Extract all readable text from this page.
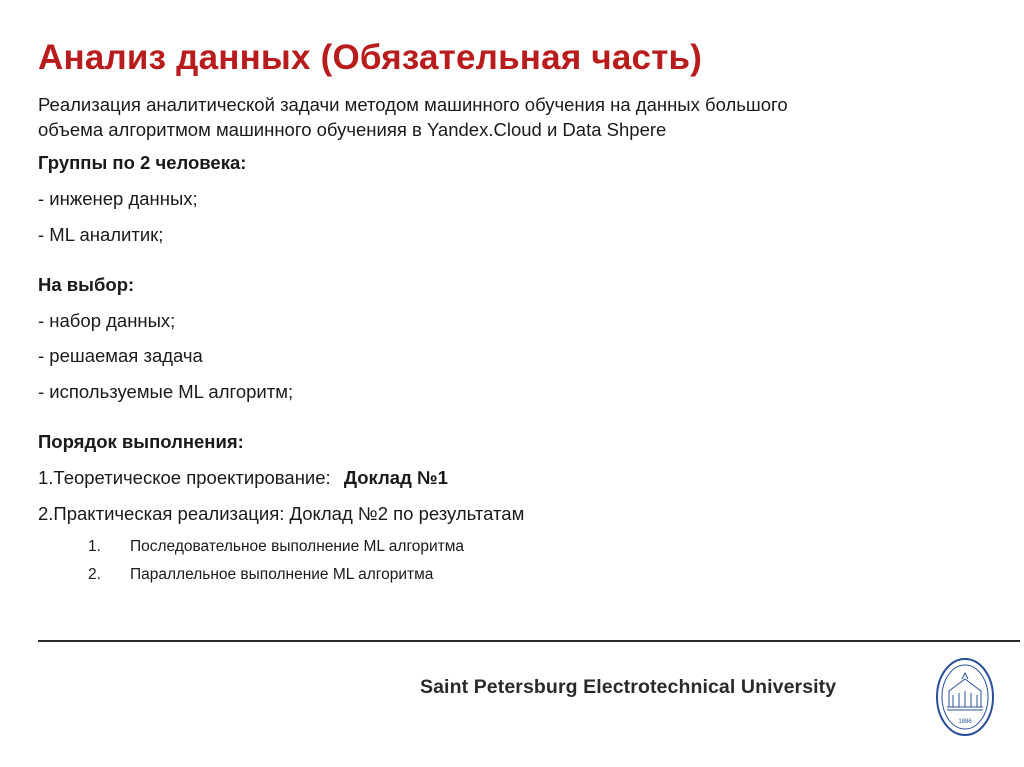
Анализ данных (Обязательная часть)
Реализация аналитической задачи методом машинного обучения на данных большого
объема алгоритмом машинного обученияя в Yandex.Cloud и Data Shpere
Группы по 2 человека:
- инженер данных;
- ML аналитик;
На выбор:
- набор данных;
- решаемая задача
- используемые ML алгоритм;
Порядок выполнения:
1.Теоретическое проектирование: Доклад №1
2.Практическая реализация: Доклад №2 по результатам
1.	Последовательное выполнение ML алгоритма
2.	Параллельное выполнение ML алгоритма
Saint Petersburg Electrotechnical University
1886
